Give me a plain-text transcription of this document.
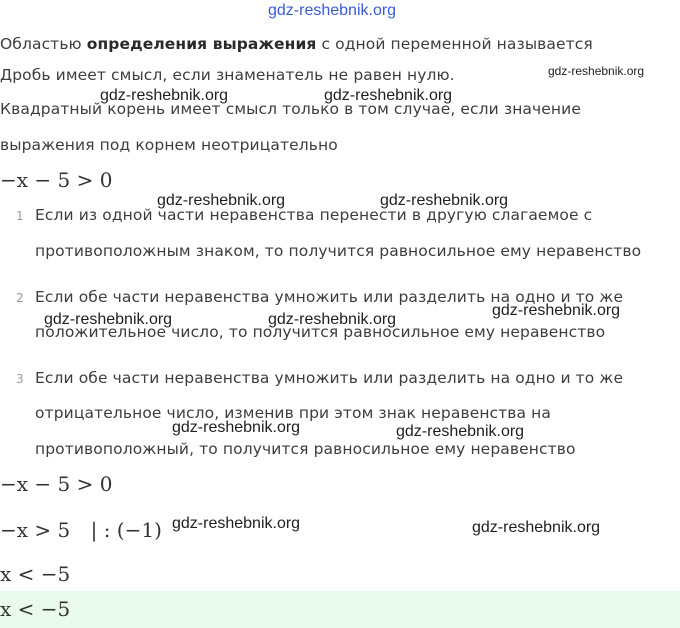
gdz-reshebnik.org
Областью определения выражения с одной переменной называется
Дробь имеет смысл, если знаменатель не равен нулю.
Квадратный корень имеет смысл только в том случае, если значение
выражения под корнем неотрицательно
gdz-reshebnik.org
gdz-reshebnik.org	gdz-reshebnik.org
−x − 5 > 0
gdz-reshebnik.org	gdz-reshebnik.org
1 Если из одной части неравенства перенести в другую слагаемое с
противоположным знаком, то получится равносильное ему неравенство
2 Если обе части неравенства умножить или разделить на одно и то же
положительное число, то получится равносильное ему неравенство
gdz-reshebnik.org
gdz-reshebnik.org	gdz-reshebnik.org
3 Если обе части неравенства умножить или разделить на одно и то же
отрицательное число, изменив при этом знак неравенства на
противоположный, то получится равносильное ему неравенство
gdz-reshebnik.org	gdz-reshebnik.org
−x − 5 > 0
−x > 5 | : (−1) gdz-reshebnik.org	gdz-reshebnik.org
x < −5
x < −5
